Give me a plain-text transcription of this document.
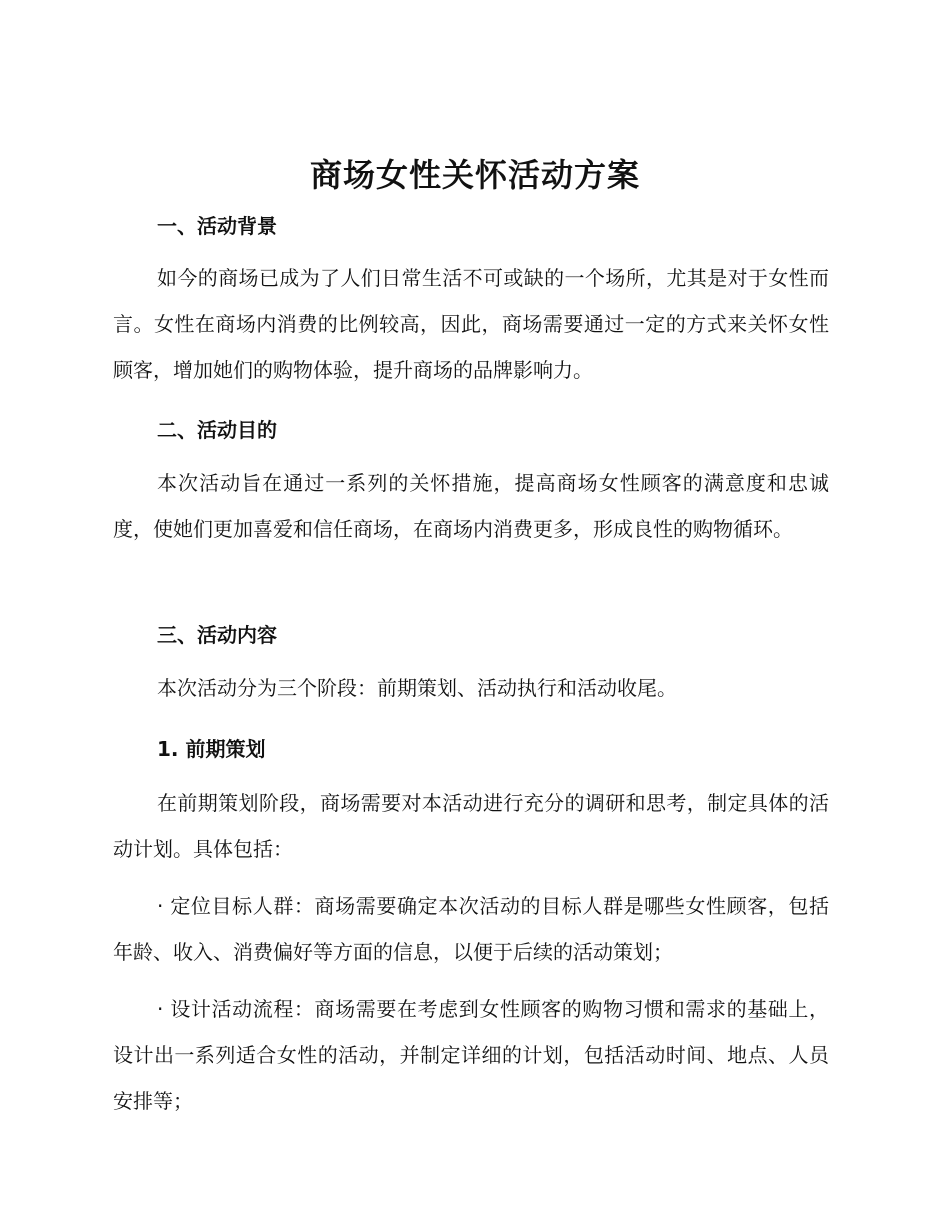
商场女性关怀活动方案
一、活动背景

如今的商场已成为了人们日常生活不可或缺的一个场所，尤其是对于女性而言。女性在商场内消费的比例较高，因此，商场需要通过一定的方式来关怀女性顾客，增加她们的购物体验，提升商场的品牌影响力。

二、活动目的

本次活动旨在通过一系列的关怀措施，提高商场女性顾客的满意度和忠诚度，使她们更加喜爱和信任商场，在商场内消费更多，形成良性的购物循环。

三、活动内容

本次活动分为三个阶段：前期策划、活动执行和活动收尾。

1. 前期策划

在前期策划阶段，商场需要对本活动进行充分的调研和思考，制定具体的活动计划。具体包括：

· 定位目标人群：商场需要确定本次活动的目标人群是哪些女性顾客，包括年龄、收入、消费偏好等方面的信息，以便于后续的活动策划；

· 设计活动流程：商场需要在考虑到女性顾客的购物习惯和需求的基础上，设计出一系列适合女性的活动，并制定详细的计划，包括活动时间、地点、人员安排等；
